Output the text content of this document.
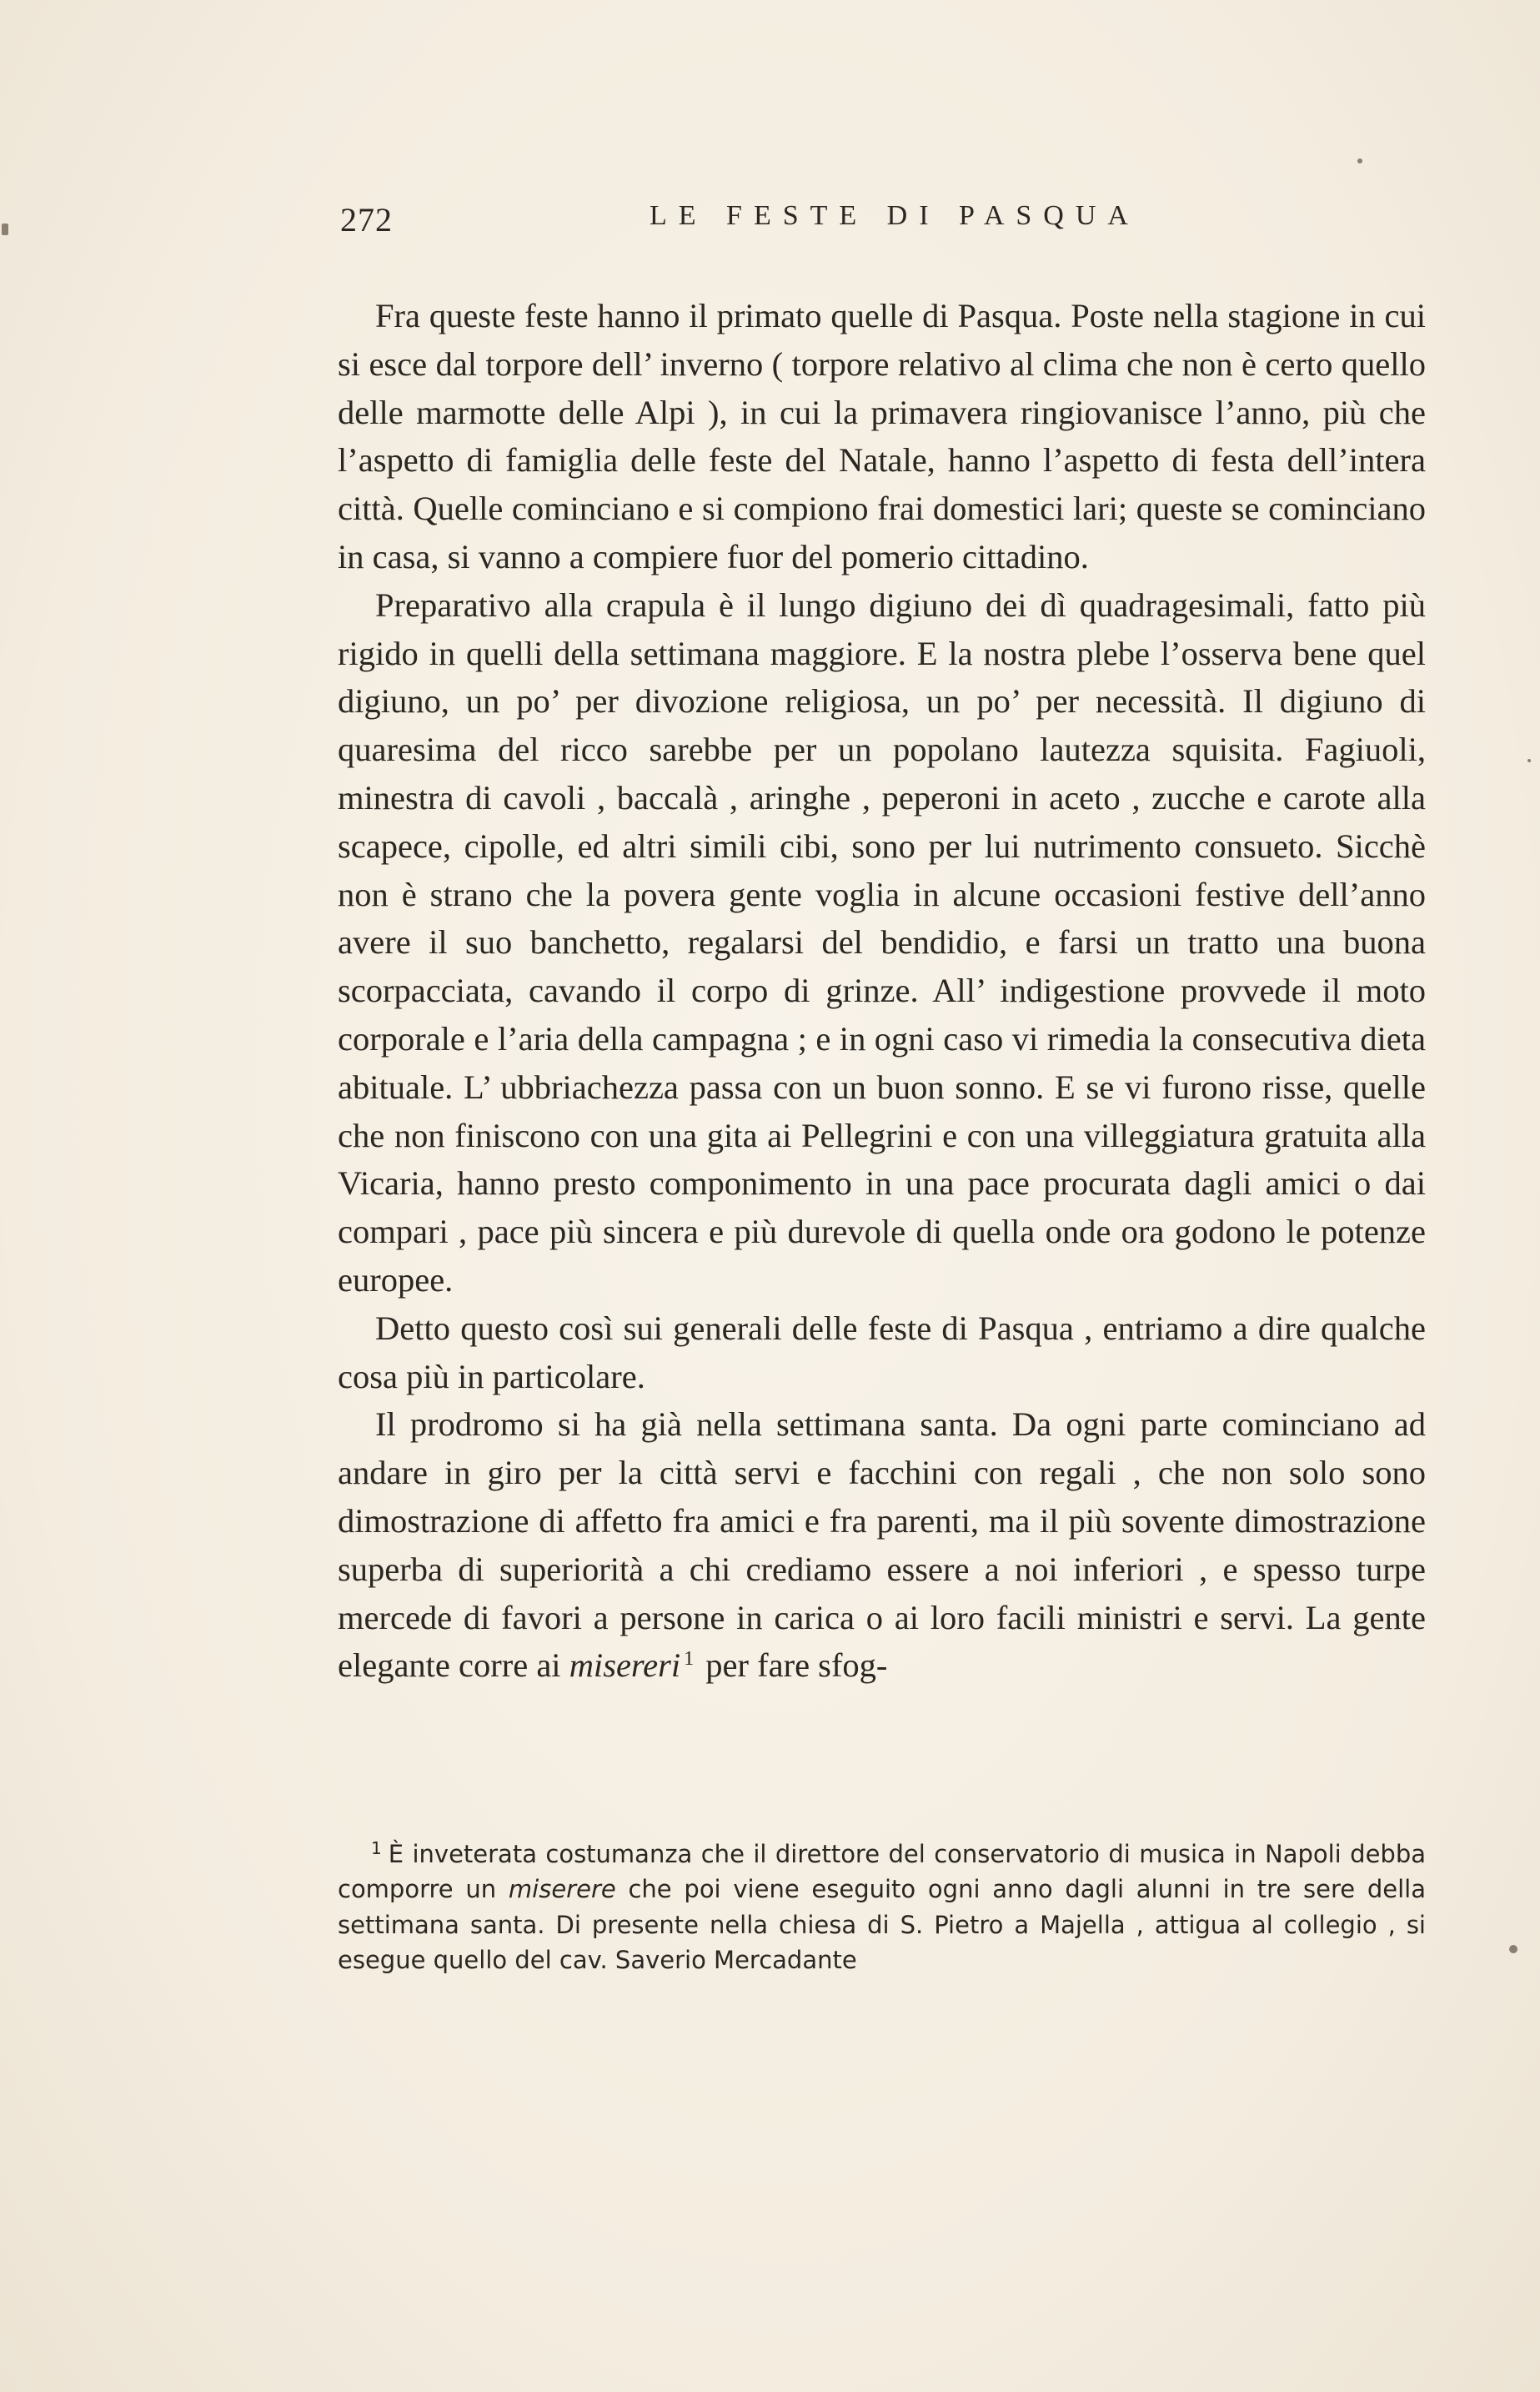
272	LE FESTE DI PASQUA

Fra queste feste hanno il primato quelle di Pasqua. Poste nella stagione in cui si esce dal torpore dell’ inverno ( torpore relativo al clima che non è certo quello delle marmotte delle Alpi ), in cui la primavera ringiovanisce l’anno, più che l’aspetto di famiglia delle feste del Natale, hanno l’aspetto di festa dell’intera città. Quelle cominciano e si compiono frai domestici lari; queste se cominciano in casa, si vanno a compiere fuor del pomerio cittadino.

Preparativo alla crapula è il lungo digiuno dei dì quadragesimali, fatto più rigido in quelli della settimana maggiore. E la nostra plebe l’osserva bene quel digiuno, un po’ per divozione religiosa, un po’ per necessità. Il digiuno di quaresima del ricco sarebbe per un popolano lautezza squisita. Fagiuoli, minestra di cavoli , baccalà , aringhe , peperoni in aceto , zucche e carote alla scapece, cipolle, ed altri simili cibi, sono per lui nutrimento consueto. Sicchè non è strano che la povera gente voglia in alcune occasioni festive dell’anno avere il suo banchetto, regalarsi del bendidio, e farsi un tratto una buona scorpacciata, cavando il corpo di grinze. All’ indigestione provvede il moto corporale e l’aria della campagna ; e in ogni caso vi rimedia la consecutiva dieta abituale. L’ ubbriachezza passa con un buon sonno. E se vi furono risse, quelle che non finiscono con una gita ai Pellegrini e con una villeggiatura gratuita alla Vicaria, hanno presto componimento in una pace procurata dagli amici o dai compari , pace più sincera e più durevole di quella onde ora godono le potenze europee.

Detto questo così sui generali delle feste di Pasqua , entriamo a dire qualche cosa più in particolare.

Il prodromo si ha già nella settimana santa. Da ogni parte cominciano ad andare in giro per la città servi e facchini con regali , che non solo sono dimostrazione di affetto fra amici e fra parenti, ma il più sovente dimostrazione superba di superiorità a chi crediamo essere a noi inferiori , e spesso turpe mercede di favori a persone in carica o ai loro facili ministri e servi. La gente elegante corre ai misereri $^1$ per fare sfog-

$^1$ È inveterata costumanza che il direttore del conservatorio di musica in Napoli debba comporre un miserere che poi viene eseguito ogni anno dagli alunni in tre sere della settimana santa. Di presente nella chiesa di S. Pietro a Majella , attigua al collegio , si esegue quello del cav. Saverio Mercadante
